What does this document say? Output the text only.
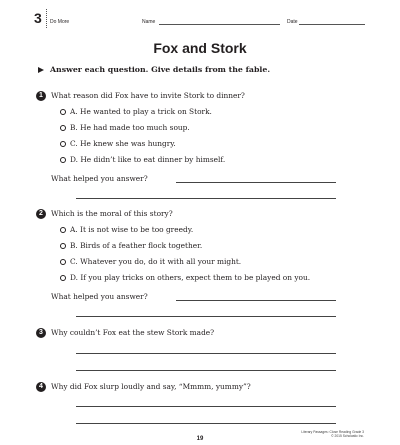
3 Do More	Name	Date
Fox and Stork
Answer each question. Give details from the fable.
1	What reason did Fox have to invite Stork to dinner?
A. He wanted to play a trick on Stork.
B. He had made too much soup.
C. He knew she was hungry.
D. He didn’t like to eat dinner by himself.
What helped you answer?
2	Which is the moral of this story?
A. It is not wise to be too greedy.
B. Birds of a feather flock together.
C. Whatever you do, do it with all your might.
D. If you play tricks on others, expect them to be played on you.
What helped you answer?
3	Why couldn’t Fox eat the stew Stork made?
4	Why did Fox slurp loudly and say, “Mmmm, yummy”?
19
Literary Passages: Close Reading Grade 3
© 2015 Scholastic Inc.
